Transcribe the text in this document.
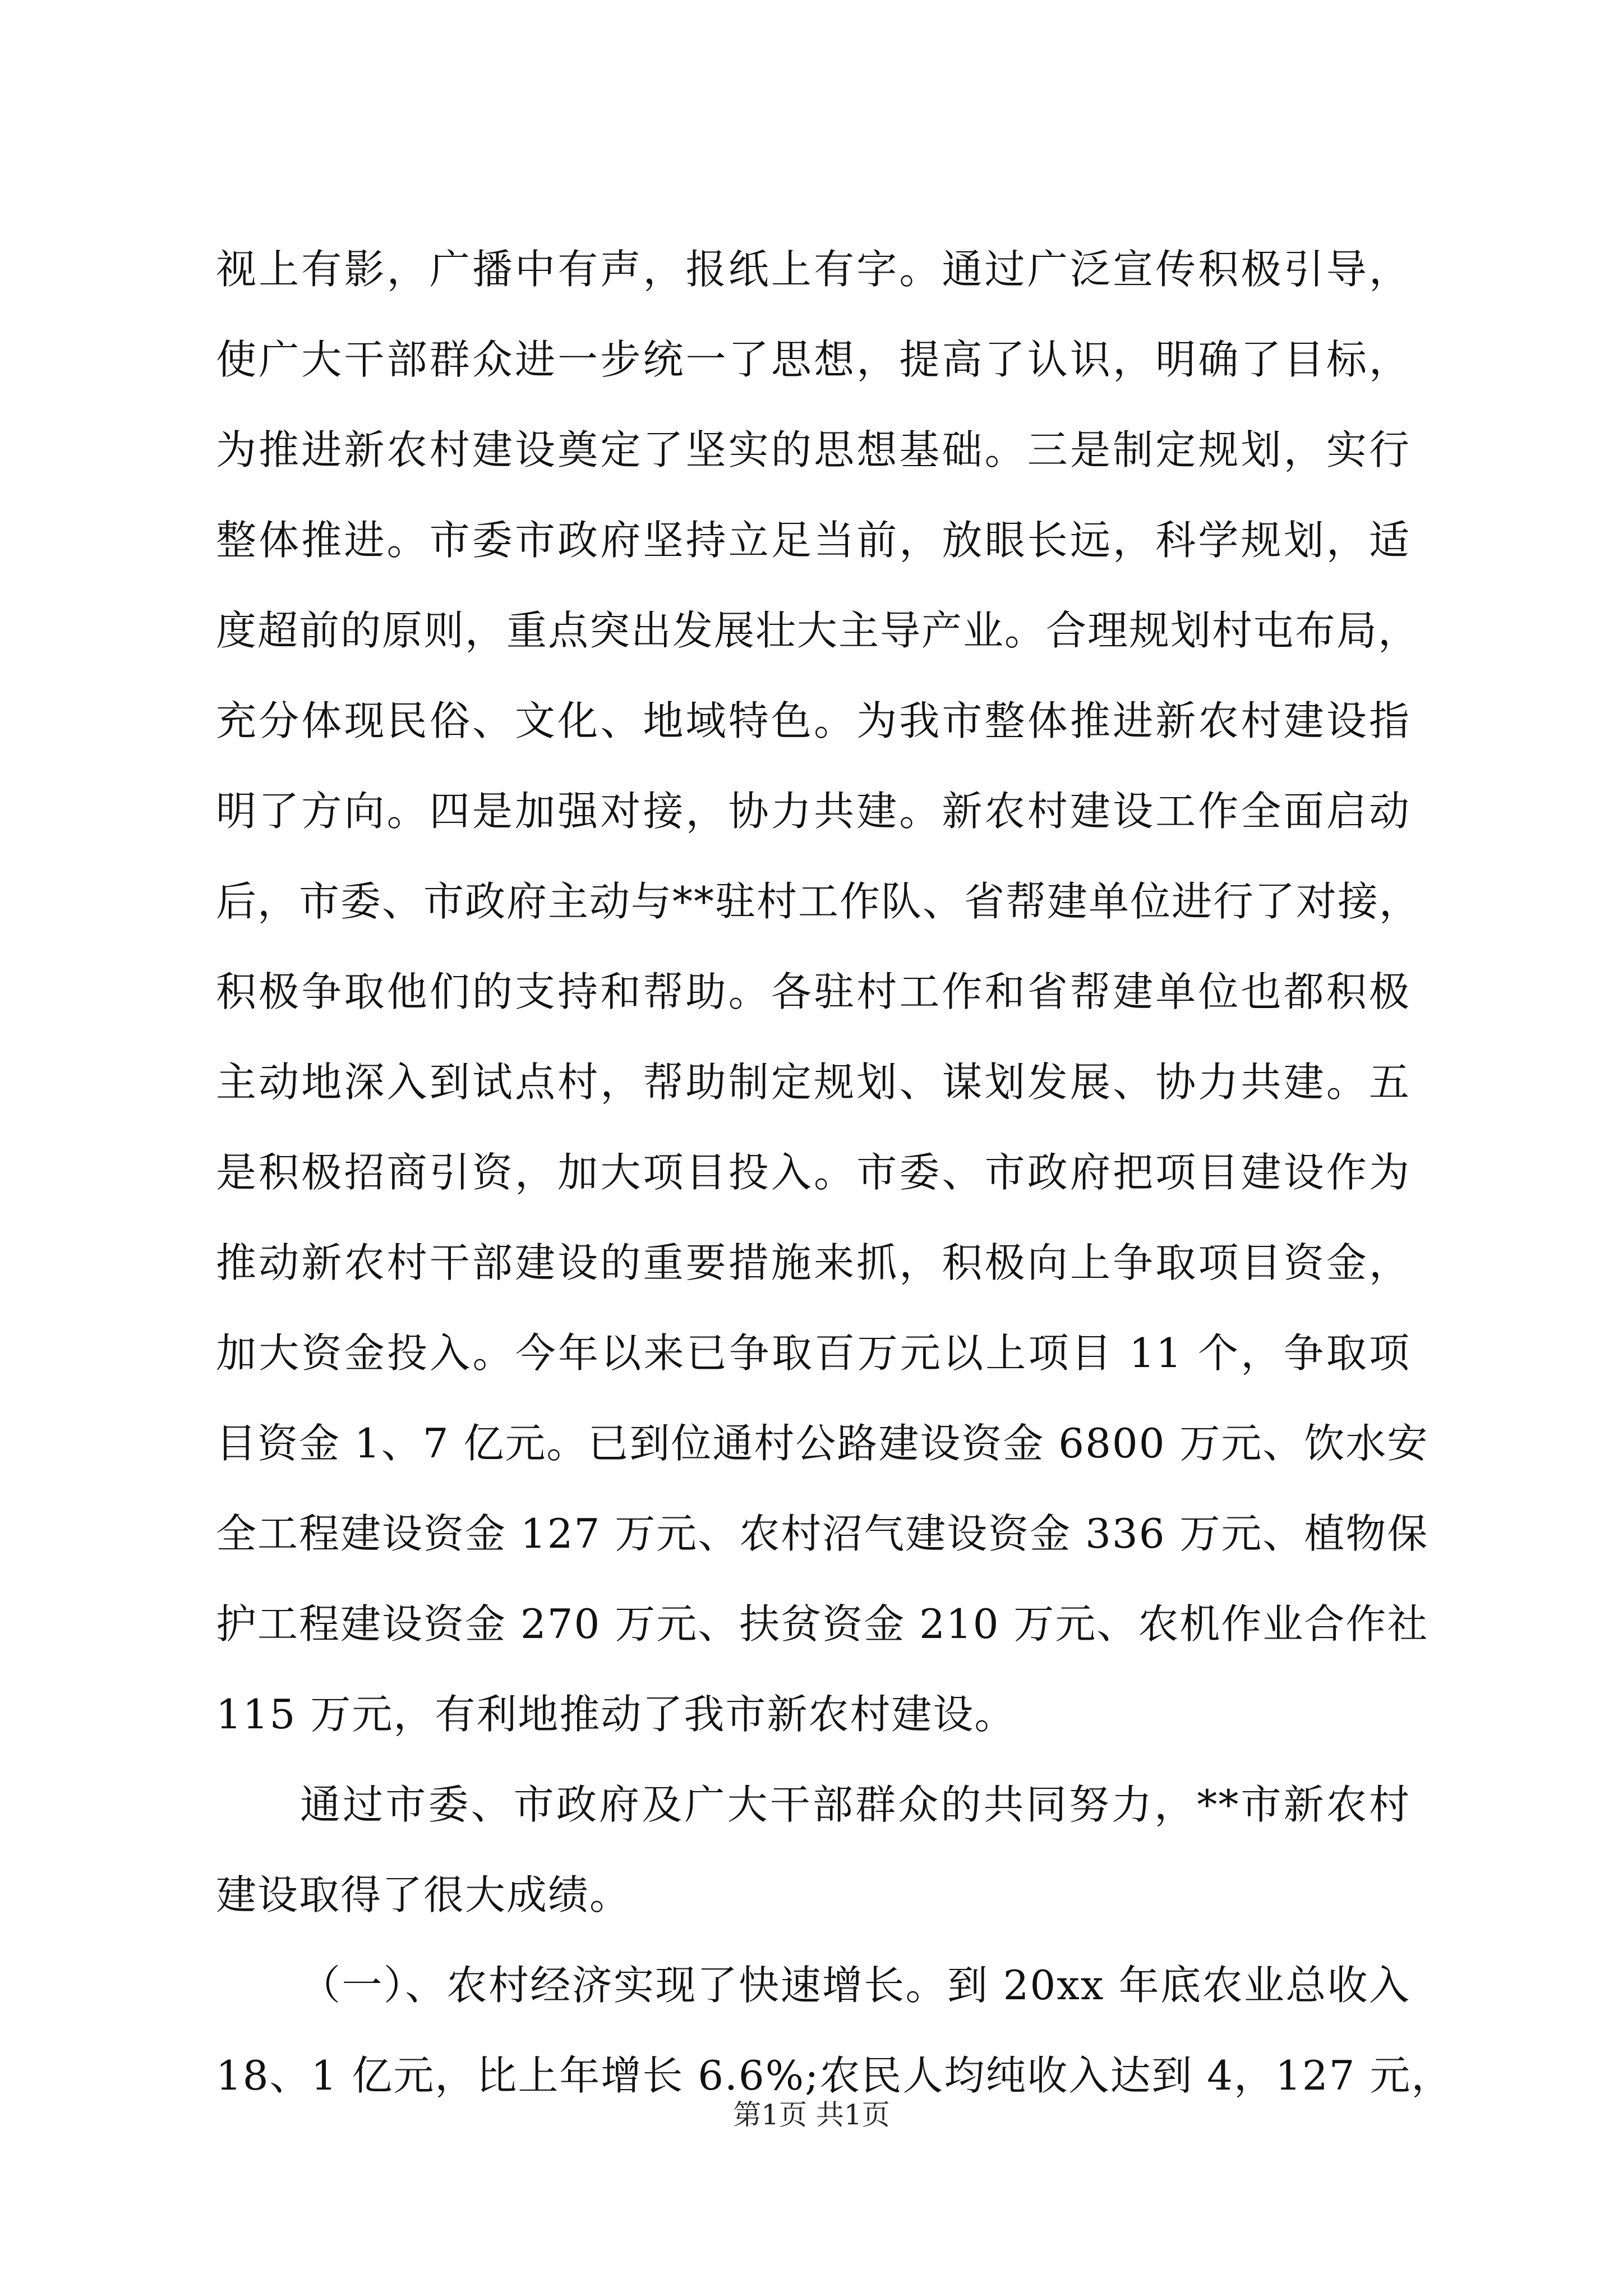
视上有影，广播中有声，报纸上有字。通过广泛宣传积极引导，
使广大干部群众进一步统一了思想，提高了认识，明确了目标，
为推进新农村建设奠定了坚实的思想基础。三是制定规划，实行
整体推进。市委市政府坚持立足当前，放眼长远，科学规划，适
度超前的原则，重点突出发展壮大主导产业。合理规划村屯布局，
充分体现民俗、文化、地域特色。为我市整体推进新农村建设指
明了方向。四是加强对接，协力共建。新农村建设工作全面启动
后，市委、市政府主动与**驻村工作队、省帮建单位进行了对接，
积极争取他们的支持和帮助。各驻村工作和省帮建单位也都积极
主动地深入到试点村，帮助制定规划、谋划发展、协力共建。五
是积极招商引资，加大项目投入。市委、市政府把项目建设作为
推动新农村干部建设的重要措施来抓，积极向上争取项目资金，
加大资金投入。今年以来已争取百万元以上项目 11 个，争取项
目资金 1、7 亿元。已到位通村公路建设资金 6800 万元、饮水安
全工程建设资金 127 万元、农村沼气建设资金 336 万元、植物保
护工程建设资金 270 万元、扶贫资金 210 万元、农机作业合作社
115 万元，有利地推动了我市新农村建设。
通过市委、市政府及广大干部群众的共同努力，**市新农村
建设取得了很大成绩。
（一）、农村经济实现了快速增长。到 20xx 年底农业总收入
18、1 亿元，比上年增长 6.6%;农民人均纯收入达到 4，127 元，
第1页 共1页
